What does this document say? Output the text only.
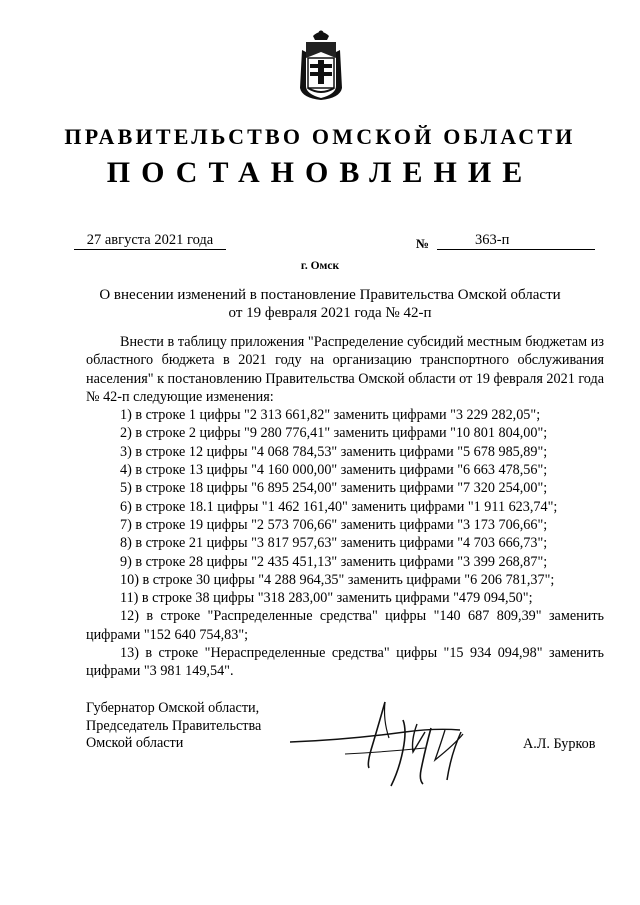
ПРАВИТЕЛЬСТВО ОМСКОЙ ОБЛАСТИ
ПОСТАНОВЛЕНИЕ
27 августа 2021 года	№	363-п
г. Омск
О внесении изменений в постановление Правительства Омской области
от 19 февраля 2021 года № 42-п

Внести в таблицу приложения "Распределение субсидий местным бюджетам из областного бюджета в 2021 году на организацию транспортного обслуживания населения" к постановлению Правительства Омской области от 19 февраля 2021 года № 42-п следующие изменения:

1) в строке 1 цифры "2 313 661,82" заменить цифрами "3 229 282,05";

2) в строке 2 цифры "9 280 776,41" заменить цифрами "10 801 804,00";

3) в строке 12 цифры "4 068 784,53" заменить цифрами "5 678 985,89";

4) в строке 13 цифры "4 160 000,00" заменить цифрами "6 663 478,56";

5) в строке 18 цифры "6 895 254,00" заменить цифрами "7 320 254,00";

6) в строке 18.1 цифры "1 462 161,40" заменить цифрами "1 911 623,74";

7) в строке 19 цифры "2 573 706,66" заменить цифрами "3 173 706,66";

8) в строке 21 цифры "3 817 957,63" заменить цифрами "4 703 666,73";

9) в строке 28 цифры "2 435 451,13" заменить цифрами "3 399 268,87";

10) в строке 30 цифры "4 288 964,35" заменить цифрами "6 206 781,37";

11) в строке 38 цифры "318 283,00" заменить цифрами "479 094,50";

12) в строке "Распределенные средства" цифры "140 687 809,39" заменить цифрами "152 640 754,83";

13) в строке "Нераспределенные средства" цифры "15 934 094,98" заменить цифрами "3 981 149,54".

Губернатор Омской области,
Председатель Правительства
Омской области	А.Л. Бурков
